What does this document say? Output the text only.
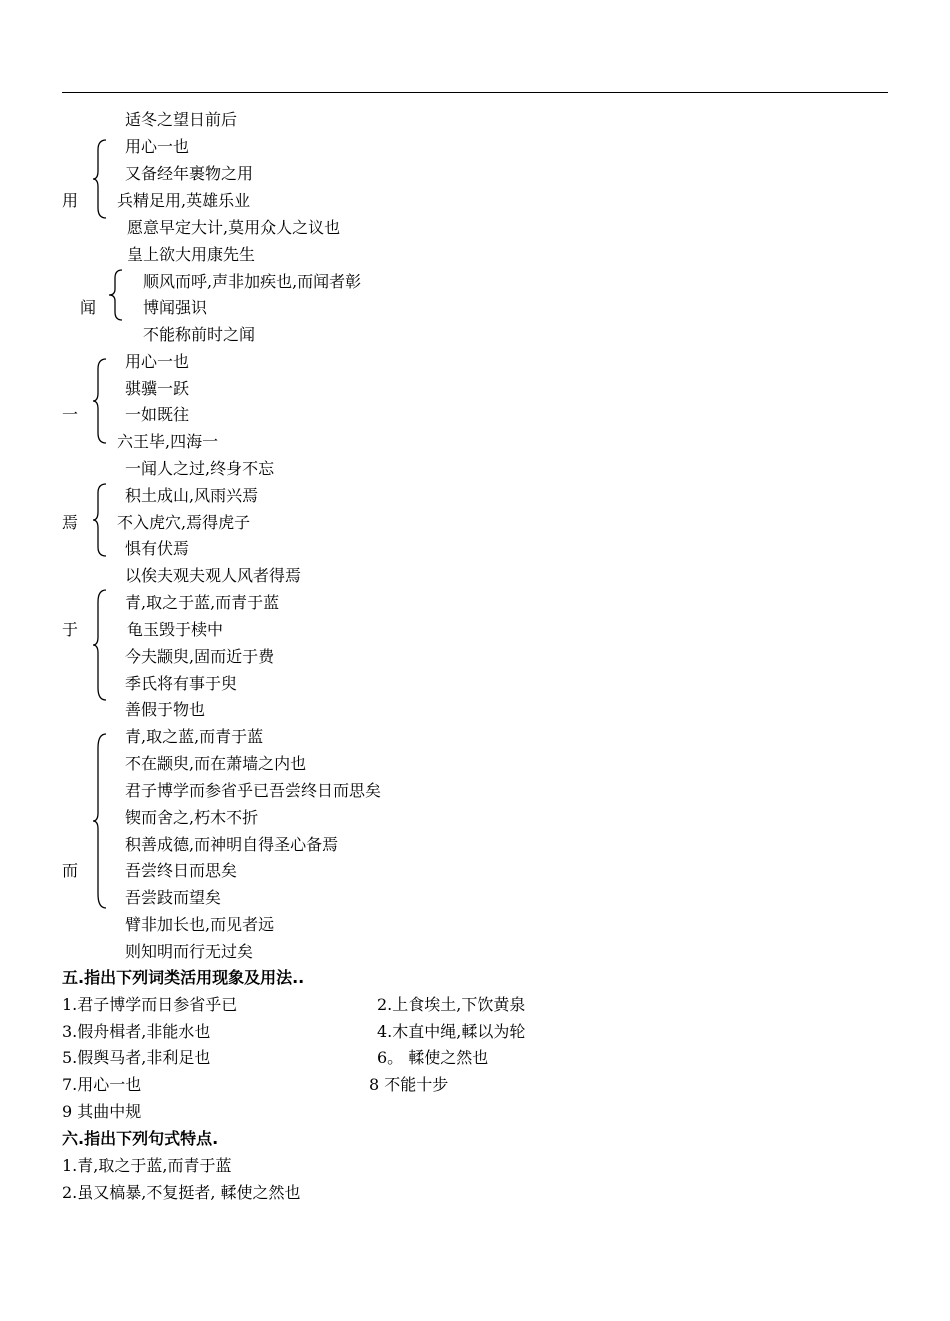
适冬之望日前后
用心一也
又备经年裹物之用
用 兵精足用,英雄乐业
愿意早定大计,莫用众人之议也
皇上欲大用康先生
顺风而呼,声非加疾也,而闻者彰
闻	博闻强识
不能称前时之闻
用心一也
骐骥一跃
一	一如既往
六王毕,四海一
一闻人之过,终身不忘
积土成山,风雨兴焉
焉 不入虎穴,焉得虎子
惧有伏焉
以俟夫观夫观人风者得焉
青,取之于蓝,而青于蓝
于	龟玉毁于椟中
今夫颛臾,固而近于费
季氏将有事于臾
善假于物也
青,取之蓝,而青于蓝
不在颛臾,而在萧墙之内也
君子博学而参省乎已吾尝终日而思矣
锲而舍之,朽木不折
积善成德,而神明自得圣心备焉
而	吾尝终日而思矣
吾尝跂而望矣
臂非加长也,而见者远
则知明而行无过矣
五.指出下列词类活用现象及用法..
1.君子博学而日参省乎已	2.上食埃土,下饮黄泉
3.假舟楫者,非能水也	4.木直中绳,輮以为轮
5.假舆马者,非利足也	6。 輮使之然也
7.用心一也	8 不能十步
9 其曲中规
六.指出下列句式特点.
1.青,取之于蓝,而青于蓝
2.虽又槁暴,不复挺者, 輮使之然也
